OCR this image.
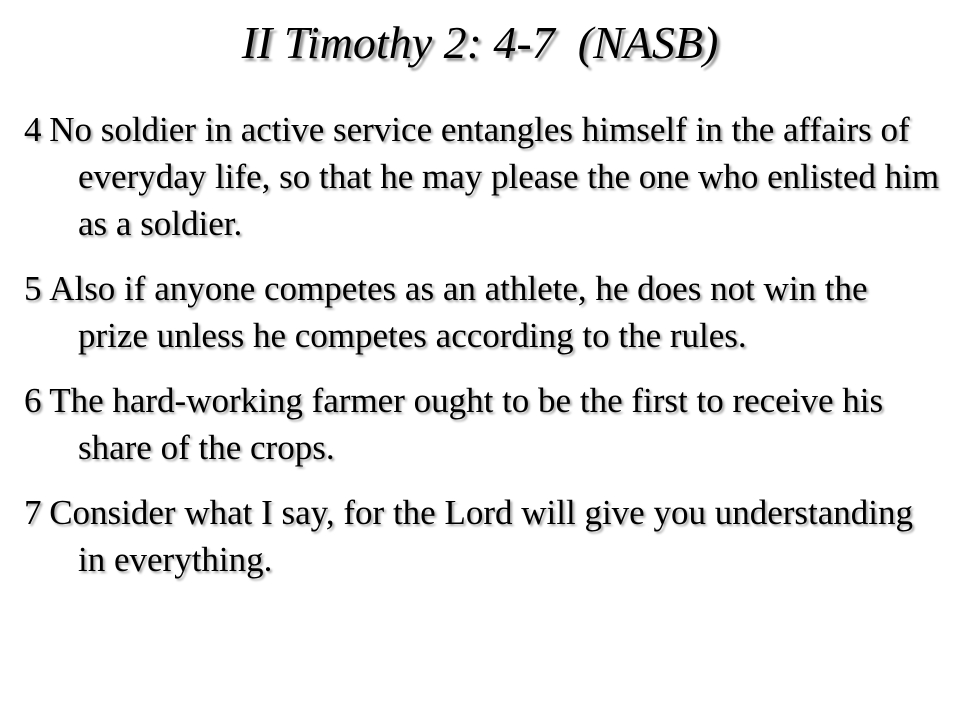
II Timothy 2: 4-7  (NASB)
4 No soldier in active service entangles himself in the affairs of everyday life, so that he may please the one who enlisted him as a soldier.
5 Also if anyone competes as an athlete, he does not win the prize unless he competes according to the rules.
6 The hard-working farmer ought to be the first to receive his share of the crops.
7 Consider what I say, for the Lord will give you understanding in everything.
